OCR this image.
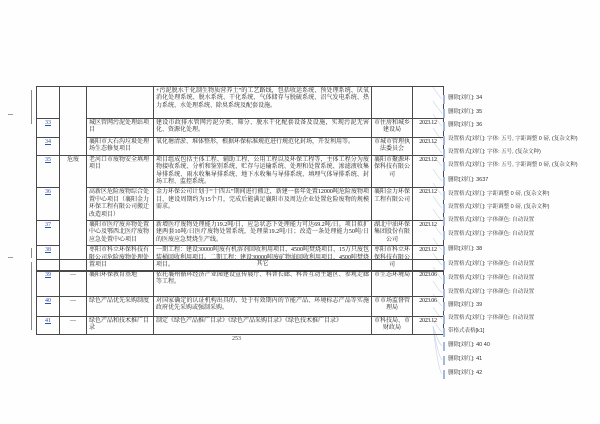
			+污泥脱水干化制生物质营养土”的工艺路线，包括收运系统、预处理系统、厌氧消化处理系统、脱水系统、干化系统、气体储存与脱硫系统、沼气发电系统、热力系统、水处理系统、除臭系统及配套设施。		
33		城区管网污泥处理站项目	建设市政排水管网污泥分类、筛分、脱水干化配套设备及设施，实现污泥无害化、资源化处理。	市住房和城乡建设局	2023.12
34		襄阳市大石沟垃圾处理场生态修复项目	氧化塘清淤、堆体整形，根据环保标准规范进行规范化封场，开发利用等。	市城市管理执法委员会	2023.12
35	危废	老河口市废物安全填埋项目	项目组成包括主体工程、辅助工程、公用工程以及环保工程等，主体工程分为废物接收系统、分析和鉴别系统、贮存与运输系统、处理和处置系统、渗滤液收集导排系统、雨水收集导排系统、地下水收集与导排系统、填埋气体导排系统、封场工程、监控系统。	襄阳市聚源环保科技有限公司	2023.12
36		高新区危险废物综合处置中心项目（襄阳金力环保工程有限公司搬迁改造项目）	金力环保公司计划于“十四五”期间进行搬迁，新建一套年处置12000吨危险废物项目，建设周期约为15个月，完成后能满足襄阳市及周边企业处置危险废物的规模需求。	襄阳金力环保工程有限公司	2023.12
37		襄阳市医疗废弃物处置中心及鄂西北医疗废物应急处置中心项目	新增医疗废物处理能力19.2吨/日，应急状态下处理能力可达69.2吨/日。项目拟扩建两套10吨/日医疗废物处置系统，处理量19.2吨/日；改造一条处理能力50吨/日的医废应急焚烧生产线。	湖北中油环保集团股份有限公司	2023.12
38		枣阳市科立环保科技有限公司危险废物处理处置项目	一期工程：建设30000吨废有机溶剂回收利用项目、4500吨焚烧项目、15万只废包装桶回收利用项目。二期工程：建设30000吨废矿物油回收利用项目、4500吨焚烧项目。	枣阳市科立环保科技有限公司	2023.12
			其它		
39	—	襄阳环保教育基地	依托襄州循环经济产业园建设宣传展厅、科普长廊、科普互动主题区、参观走廊等工程。	市生态环境局	2023.06
40	—	绿色产品优先采购制度	对国家确定的认证机构出具的、处于有效期内的节能产品、环境标志产品等实施政府优先采购或强制采购。	市市场监督管理局	2023.06
41	—	绿色产品和技术推广目录	制定《绿色产品推广目录》《绿色产品采购目录》《绿色技术推广目录》	市科技局、市财政局	2023.12
253
删除[刘红]: 34
删除[刘红]: 35
删除[刘红]: 36
设置格式[刘红]: 字体: 五号, 字距调整 0 磅, (复杂文种)
设置格式[刘红]: 字体: 五号, (复杂文种)
设置格式[刘红]: 字体: 五号, 字距调整 0 磅, (复杂文种)
删除[刘红]: 3637
设置格式[刘红]: 字距调整 0 磅, (复杂文种)
设置格式[刘红]: 字距调整 0 磅, (复杂文种)
设置格式[刘红]: 字体颜色: 自动设置
设置格式[刘红]: 字体颜色: 自动设置
删除[刘红]: 38
设置格式[刘红]: 字体颜色: 自动设置
设置格式[刘红]: 字体颜色: 自动设置
设置格式[刘红]: 字体颜色: 自动设置
删除[刘红]: 39
设置格式[刘红]: 字体颜色: 自动设置
带格式表格[k1]
删除[刘红]: 40 40
删除[刘红]: 41
删除[刘红]: 42
